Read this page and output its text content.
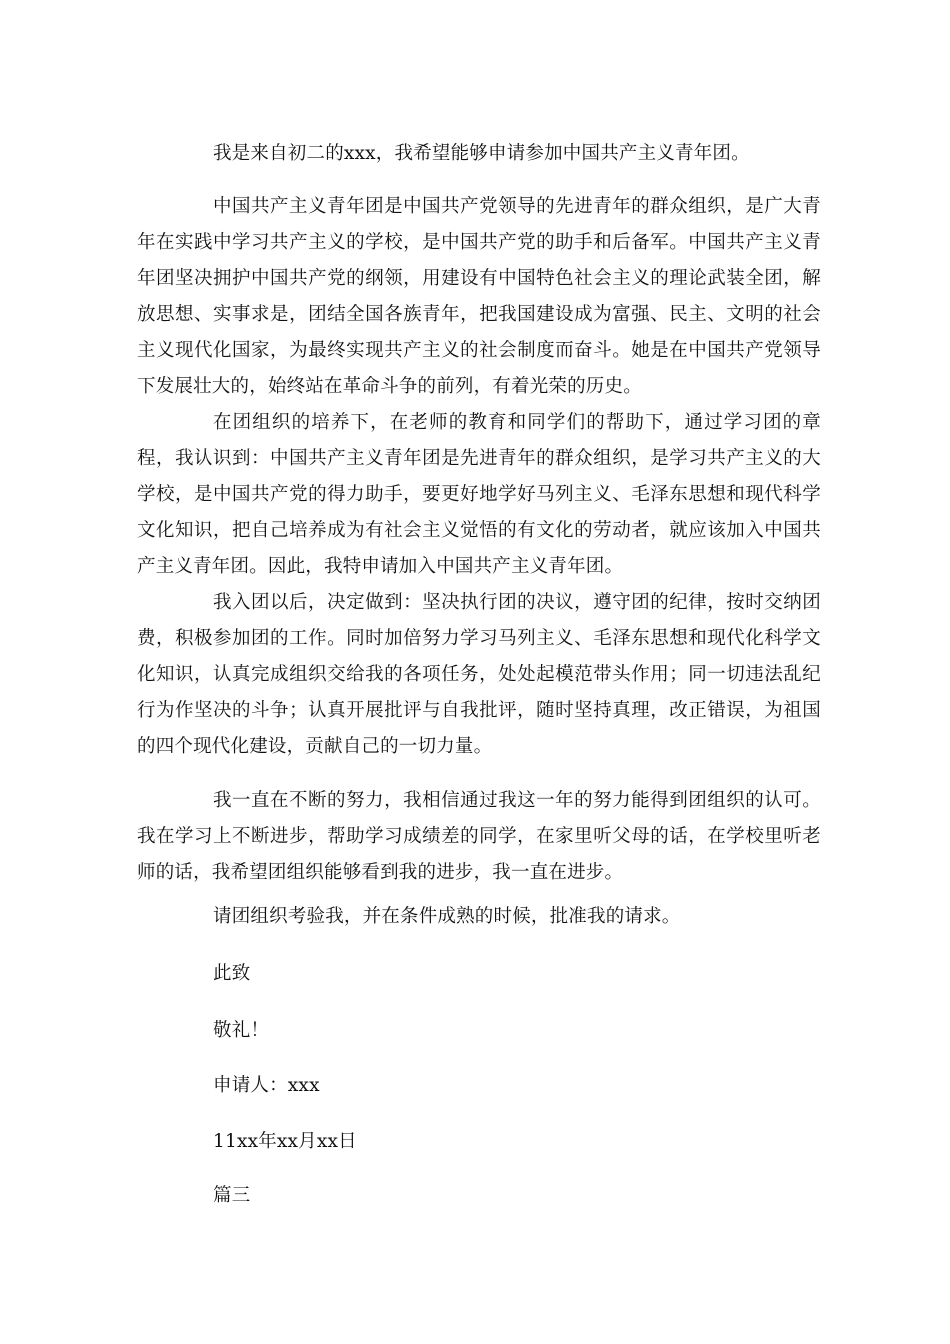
我是来自初二的xxx，我希望能够申请参加中国共产主义青年团。

中国共产主义青年团是中国共产党领导的先进青年的群众组织，是广大青年在实践中学习共产主义的学校，是中国共产党的助手和后备军。中国共产主义青年团坚决拥护中国共产党的纲领，用建设有中国特色社会主义的理论武装全团，解放思想、实事求是，团结全国各族青年，把我国建设成为富强、民主、文明的社会主义现代化国家，为最终实现共产主义的社会制度而奋斗。她是在中国共产党领导下发展壮大的，始终站在革命斗争的前列，有着光荣的历史。

在团组织的培养下，在老师的教育和同学们的帮助下，通过学习团的章程，我认识到：中国共产主义青年团是先进青年的群众组织，是学习共产主义的大学校，是中国共产党的得力助手，要更好地学好马列主义、毛泽东思想和现代科学文化知识，把自己培养成为有社会主义觉悟的有文化的劳动者，就应该加入中国共产主义青年团。因此，我特申请加入中国共产主义青年团。

我入团以后，决定做到：坚决执行团的决议，遵守团的纪律，按时交纳团费，积极参加团的工作。同时加倍努力学习马列主义、毛泽东思想和现代化科学文化知识，认真完成组织交给我的各项任务，处处起模范带头作用；同一切违法乱纪行为作坚决的斗争；认真开展批评与自我批评，随时坚持真理，改正错误，为祖国的四个现代化建设，贡献自己的一切力量。

我一直在不断的努力，我相信通过我这一年的努力能得到团组织的认可。我在学习上不断进步，帮助学习成绩差的同学，在家里听父母的话，在学校里听老师的话，我希望团组织能够看到我的进步，我一直在进步。

请团组织考验我，并在条件成熟的时候，批准我的请求。

此致

敬礼！

申请人：xxx

11xx年xx月xx日

篇三
